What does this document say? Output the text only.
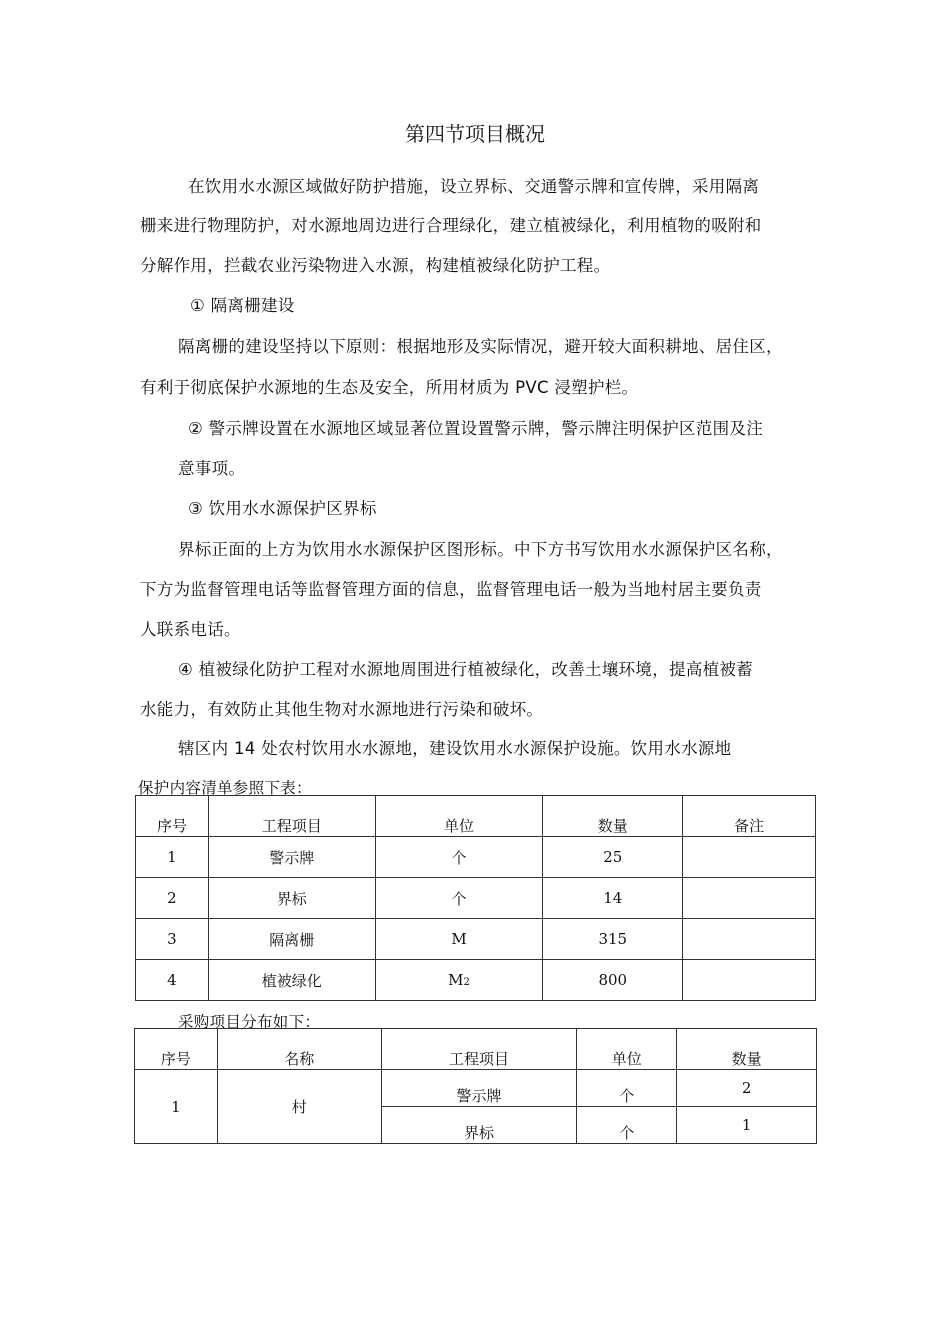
第四节项目概况
在饮用水水源区域做好防护措施，设立界标、交通警示牌和宣传牌，采用隔离
栅来进行物理防护，对水源地周边进行合理绿化，建立植被绿化，利用植物的吸附和
分解作用，拦截农业污染物进入水源，构建植被绿化防护工程。
① 隔离栅建设
隔离栅的建设坚持以下原则：根据地形及实际情况，避开较大面积耕地、居住区，
有利于彻底保护水源地的生态及安全，所用材质为 PVC 浸塑护栏。
② 警示牌设置在水源地区域显著位置设置警示牌，警示牌注明保护区范围及注
意事项。
③ 饮用水水源保护区界标
界标正面的上方为饮用水水源保护区图形标。中下方书写饮用水水源保护区名称，
下方为监督管理电话等监督管理方面的信息，监督管理电话一般为当地村居主要负责
人联系电话。
④ 植被绿化防护工程对水源地周围进行植被绿化，改善土壤环境，提高植被蓄
水能力，有效防止其他生物对水源地进行污染和破坏。
辖区内 14 处农村饮用水水源地，建设饮用水水源保护设施。饮用水水源地
保护内容清单参照下表：
序号	工程项目	单位	数量	备注
1	警示牌	个	25	
2	界标	个	14	
3	隔离栅	M	315	
4	植被绿化	M2	800	
采购项目分布如下：
序号	名称	工程项目	单位	数量
1	村	警示牌	个	2
		界标	个	1
